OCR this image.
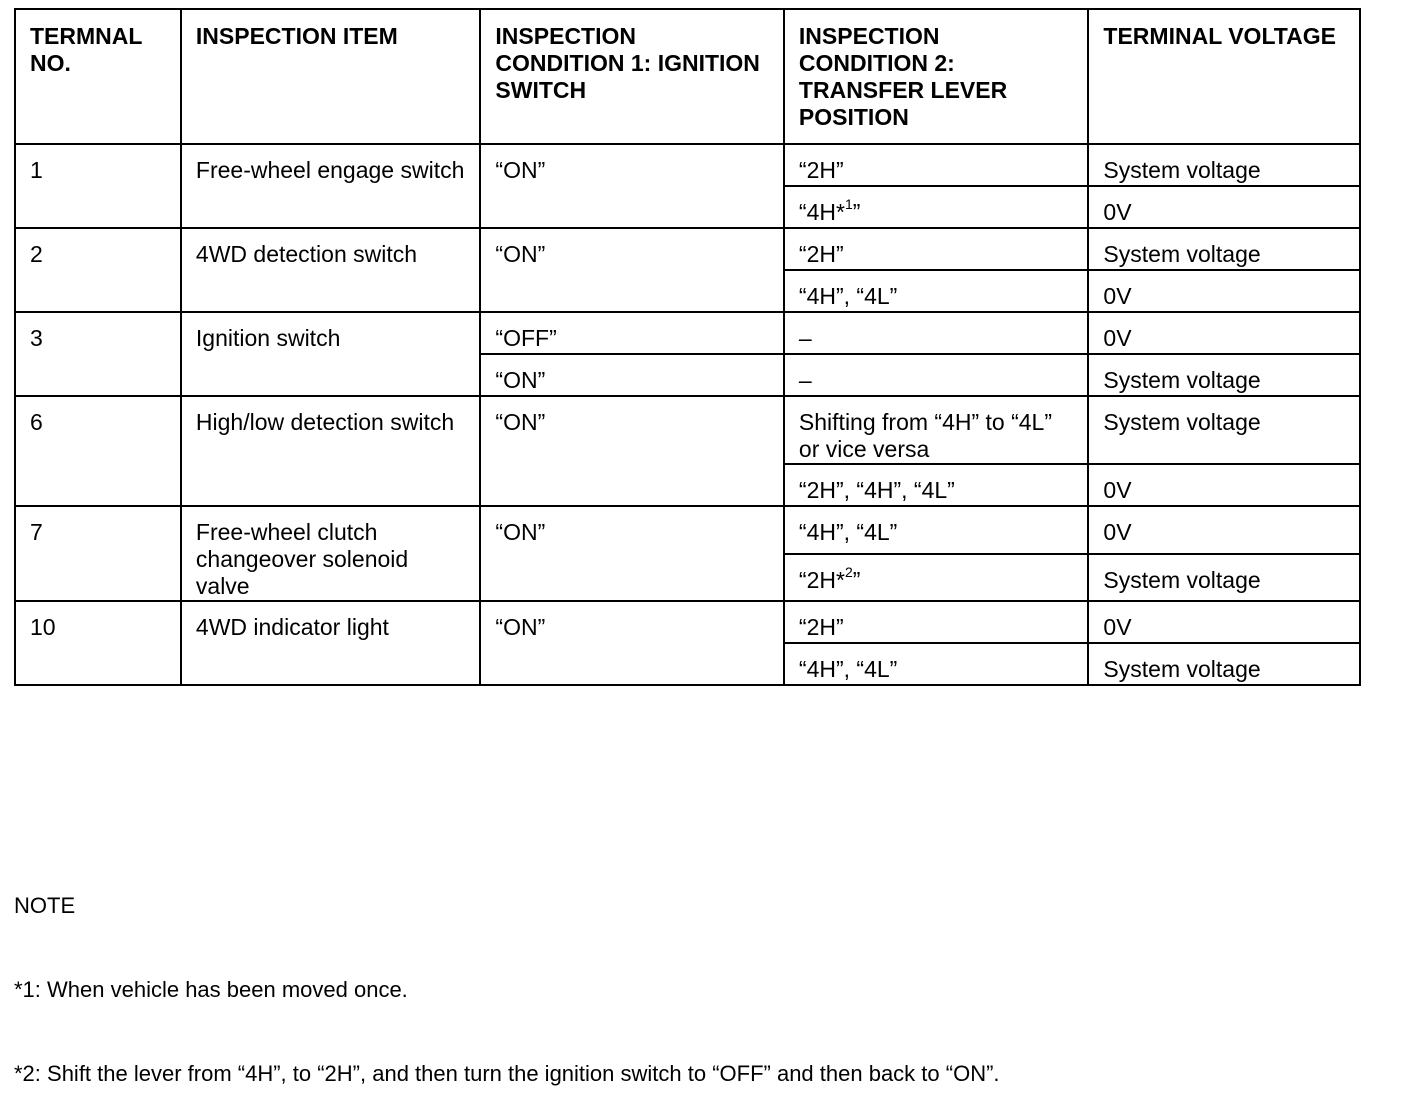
TERMNAL NO.	INSPECTION ITEM	INSPECTION CONDITION 1: IGNITION SWITCH	INSPECTION CONDITION 2: TRANSFER LEVER POSITION	TERMINAL VOLTAGE
1	Free-wheel engage switch	“ON”	“2H”	System voltage
			“4H*$^1$”	0V
2	4WD detection switch	“ON”	“2H”	System voltage
			“4H”, “4L”	0V
3	Ignition switch	“OFF”	–	0V
		“ON”	–	System voltage
6	High/low detection switch	“ON”	Shifting from “4H” to “4L” or vice versa	System voltage
			“2H”, “4H”, “4L”	0V
7	Free-wheel clutch changeover solenoid valve	“ON”	“4H”, “4L”	0V
			“2H*$^2$”	System voltage
10	4WD indicator light	“ON”	“2H”	0V
			“4H”, “4L”	System voltage

NOTE

*1: When vehicle has been moved once.

*2: Shift the lever from “4H”, to “2H”, and then turn the ignition switch to “OFF” and then back to “ON”.
